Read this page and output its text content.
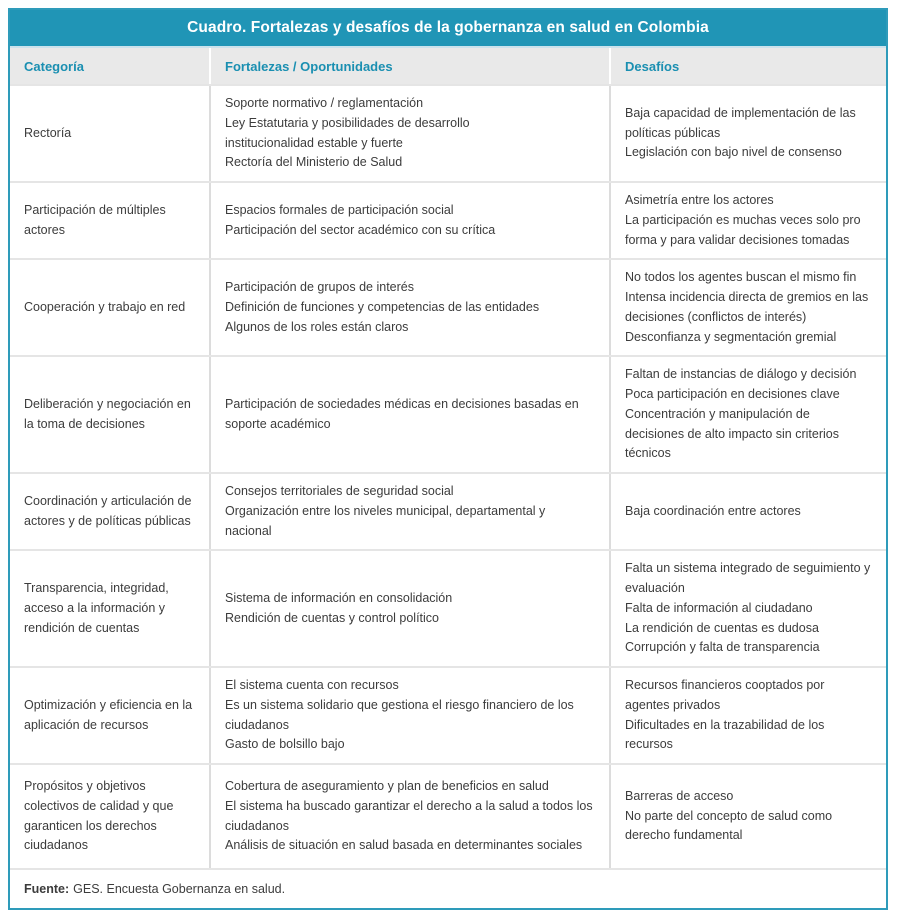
Cuadro. Fortalezas y desafíos de la gobernanza en salud en Colombia
Categoría	Fortalezas / Oportunidades	Desafíos
Rectoría
Soporte normativo / reglamentación
Ley Estatutaria y posibilidades de desarrollo
institucionalidad estable y fuerte
Rectoría del Ministerio de Salud
Baja capacidad de implementación de las políticas públicas
Legislación con bajo nivel de consenso
Participación de múltiples actores
Espacios formales de participación social
Participación del sector académico con su crítica
Asimetría entre los actores
La participación es muchas veces solo pro forma y para validar decisiones tomadas
Cooperación y trabajo en red
Participación de grupos de interés
Definición de funciones y competencias de las entidades
Algunos de los roles están claros
No todos los agentes buscan el mismo fin
Intensa incidencia directa de gremios en las decisiones (conflictos de interés)
Desconfianza y segmentación gremial
Deliberación y negociación en la toma de decisiones
Participación de sociedades médicas en decisiones basadas en soporte académico
Faltan de instancias de diálogo y decisión
Poca participación en decisiones clave
Concentración y manipulación de decisiones de alto impacto sin criterios técnicos
Coordinación y articulación de actores y de políticas públicas
Consejos territoriales de seguridad social
Organización entre los niveles municipal, departamental y nacional
Baja coordinación entre actores
Transparencia, integridad, acceso a la información y rendición de cuentas
Sistema de información en consolidación
Rendición de cuentas y control político
Falta un sistema integrado de seguimiento y evaluación
Falta de información al ciudadano
La rendición de cuentas es dudosa
Corrupción y falta de transparencia
Optimización y eficiencia en la aplicación de recursos
El sistema cuenta con recursos
Es un sistema solidario que gestiona el riesgo financiero de los ciudadanos
Gasto de bolsillo bajo
Recursos financieros cooptados por agentes privados
Dificultades en la trazabilidad de los recursos
Propósitos y objetivos colectivos de calidad y que garanticen los derechos ciudadanos
Cobertura de aseguramiento y plan de beneficios en salud
El sistema ha buscado garantizar el derecho a la salud a todos los ciudadanos
Análisis de situación en salud basada en determinantes sociales
Barreras de acceso
No parte del concepto de salud como derecho fundamental
Fuente: GES. Encuesta Gobernanza en salud.
